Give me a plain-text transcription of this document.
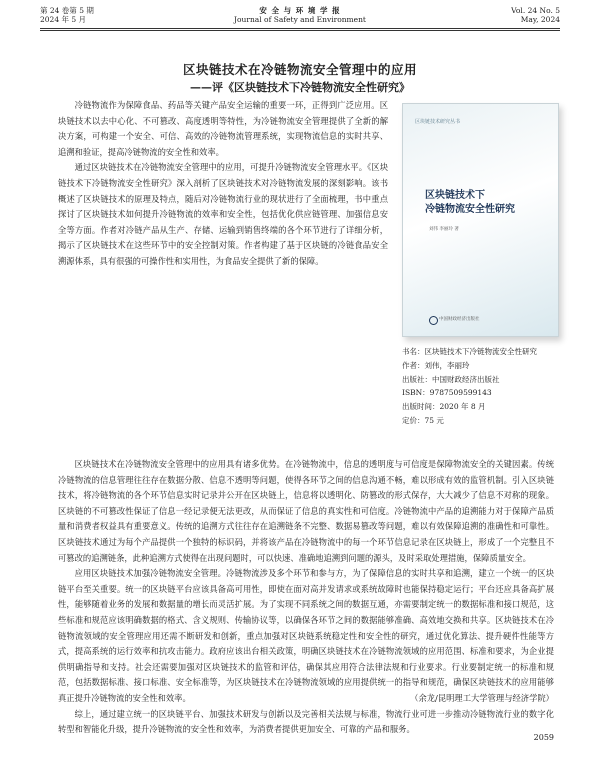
第 24 卷第 5 期
2024 年 5 月
安 全 与 环 境 学 报
Journal of Safety and Environment
Vol. 24 No. 5
May, 2024
区块链技术在冷链物流安全管理中的应用
——评《区块链技术下冷链物流安全性研究》

冷链物流作为保障食品、药品等关键产品安全运输的重要一环，正得到广泛应用。区块链技术以去中心化、不可篡改、高度透明等特性，为冷链物流安全管理提供了全新的解决方案，可构建一个安全、可信、高效的冷链物流管理系统，实现物流信息的实时共享、追溯和验证，提高冷链物流的安全性和效率。

通过区块链技术在冷链物流安全管理中的应用，可提升冷链物流安全管理水平。《区块链技术下冷链物流安全性研究》深入剖析了区块链技术对冷链物流发展的深刻影响。该书概述了区块链技术的原理及特点，随后对冷链物流行业的现状进行了全面梳理，书中重点探讨了区块链技术如何提升冷链物流的效率和安全性，包括优化供应链管理、加强信息安全等方面。作者对冷链产品从生产、存储、运输到销售终端的各个环节进行了详细分析，揭示了区块链技术在这些环节中的安全控制对策。作者构建了基于区块链的冷链食品安全溯源体系，具有很强的可操作性和实用性，为食品安全提供了新的保障。

区块链技术研究丛书
区块链技术下
冷链物流安全性研究
刘伟 李丽玲 著
中国财政经济出版社
书名：区块链技术下冷链物流安全性研究
作者：刘伟，李丽玲
出版社：中国财政经济出版社
ISBN：9787509599143
出版时间：2020 年 8 月
定价：75 元

区块链技术在冷链物流安全管理中的应用具有诸多优势。在冷链物流中，信息的透明度与可信度是保障物流安全的关键因素。传统冷链物流的信息管理往往存在数据分散、信息不透明等问题，使得各环节之间的信息沟通不畅，难以形成有效的监管机制。引入区块链技术，将冷链物流的各个环节信息实时记录并公开在区块链上，信息将以透明化、防篡改的形式保存，大大减少了信息不对称的现象。区块链的不可篡改性保证了信息一经记录便无法更改，从而保证了信息的真实性和可信度。冷链物流中产品的追溯能力对于保障产品质量和消费者权益具有重要意义。传统的追溯方式往往存在追溯链条不完整、数据易篡改等问题，难以有效保障追溯的准确性和可靠性。区块链技术通过为每个产品提供一个独特的标识码，并将该产品在冷链物流中的每一个环节信息记录在区块链上，形成了一个完整且不可篡改的追溯链条，此种追溯方式使得在出现问题时，可以快速、准确地追溯到问题的源头，及时采取处理措施，保障质量安全。

应用区块链技术加强冷链物流安全管理。冷链物流涉及多个环节和参与方，为了保障信息的实时共享和追溯，建立一个统一的区块链平台至关重要。统一的区块链平台应该具备高可用性，即使在面对高并发请求或系统故障时也能保持稳定运行；平台还应具备高扩展性，能够随着业务的发展和数据量的增长而灵活扩展。为了实现不同系统之间的数据互通，亦需要制定统一的数据标准和接口规范，这些标准和规范应该明确数据的格式、含义规则、传输协议等，以确保各环节之间的数据能够准确、高效地交换和共享。区块链技术在冷链物流领域的安全管理应用还需不断研发和创新，重点加强对区块链系统稳定性和安全性的研究，通过优化算法、提升硬件性能等方式，提高系统的运行效率和抗攻击能力。政府应该出台相关政策，明确区块链技术在冷链物流领域的应用范围、标准和要求，为企业提供明确指导和支持。社会还需要加强对区块链技术的监管和评估，确保其应用符合法律法规和行业要求。行业要制定统一的标准和规范，包括数据标准、接口标准、安全标准等，为区块链技术在冷链物流领域的应用提供统一的指导和规范，确保区块链技术的应用能够真正提升冷链物流的安全性和效率。

综上，通过建立统一的区块链平台、加强技术研发与创新以及完善相关法规与标准，物流行业可进一步推动冷链物流行业的数字化转型和智能化升级，提升冷链物流的安全性和效率，为消费者提供更加安全、可靠的产品和服务。

（余龙/昆明理工大学管理与经济学院）
2059
